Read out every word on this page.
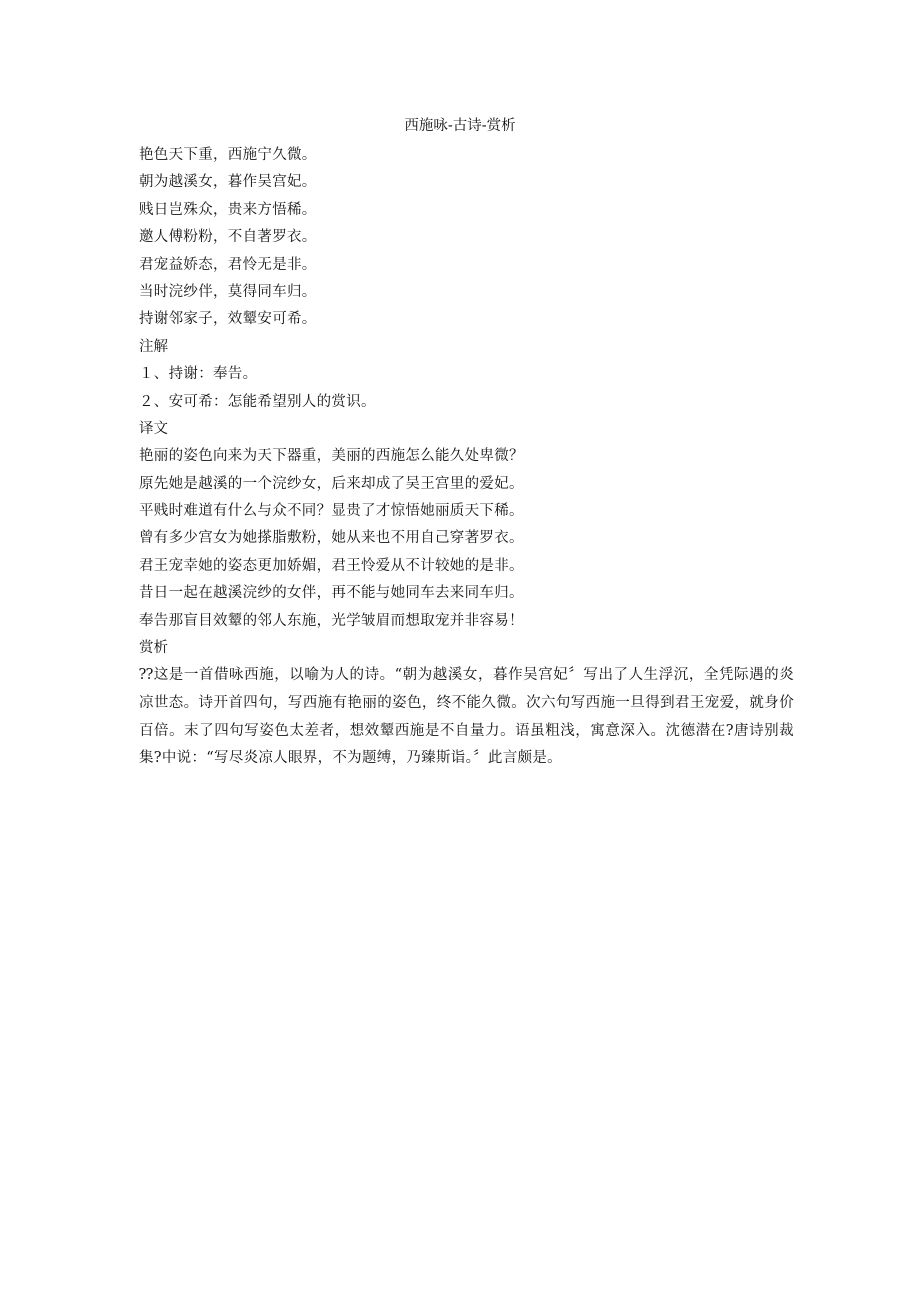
西施咏-古诗-赏析
艳色天下重，西施宁久微。
朝为越溪女，暮作吴宫妃。
贱日岂殊众，贵来方悟稀。
邀人傅粉粉，不自著罗衣。
君宠益娇态，君怜无是非。
当时浣纱伴，莫得同车归。
持谢邻家子，效颦安可希。
注解
１、持谢：奉告。
２、安可希：怎能希望别人的赏识。
译文
艳丽的姿色向来为天下器重，美丽的西施怎么能久处卑微？
原先她是越溪的一个浣纱女，后来却成了吴王宫里的爱妃。
平贱时难道有什么与众不同？显贵了才惊悟她丽质天下稀。
曾有多少宫女为她搽脂敷粉，她从来也不用自己穿著罗衣。
君王宠幸她的姿态更加娇媚，君王怜爱从不计较她的是非。
昔日一起在越溪浣纱的女伴，再不能与她同车去来同车归。
奉告那盲目效颦的邻人东施，光学皱眉而想取宠并非容易！
赏析

⁇这是一首借咏西施，以喻为人的诗。“朝为越溪女，暮作吴宫妃〞写出了人生浮沉，全凭际遇的炎凉世态。诗开首四句，写西施有艳丽的姿色，终不能久微。次六句写西施一旦得到君王宠爱，就身价百倍。末了四句写姿色太差者，想效颦西施是不自量力。语虽粗浅，寓意深入。沈德潜在?唐诗别裁集?中说：“写尽炎凉人眼界，不为题缚，乃臻斯诣。〞此言颇是。
